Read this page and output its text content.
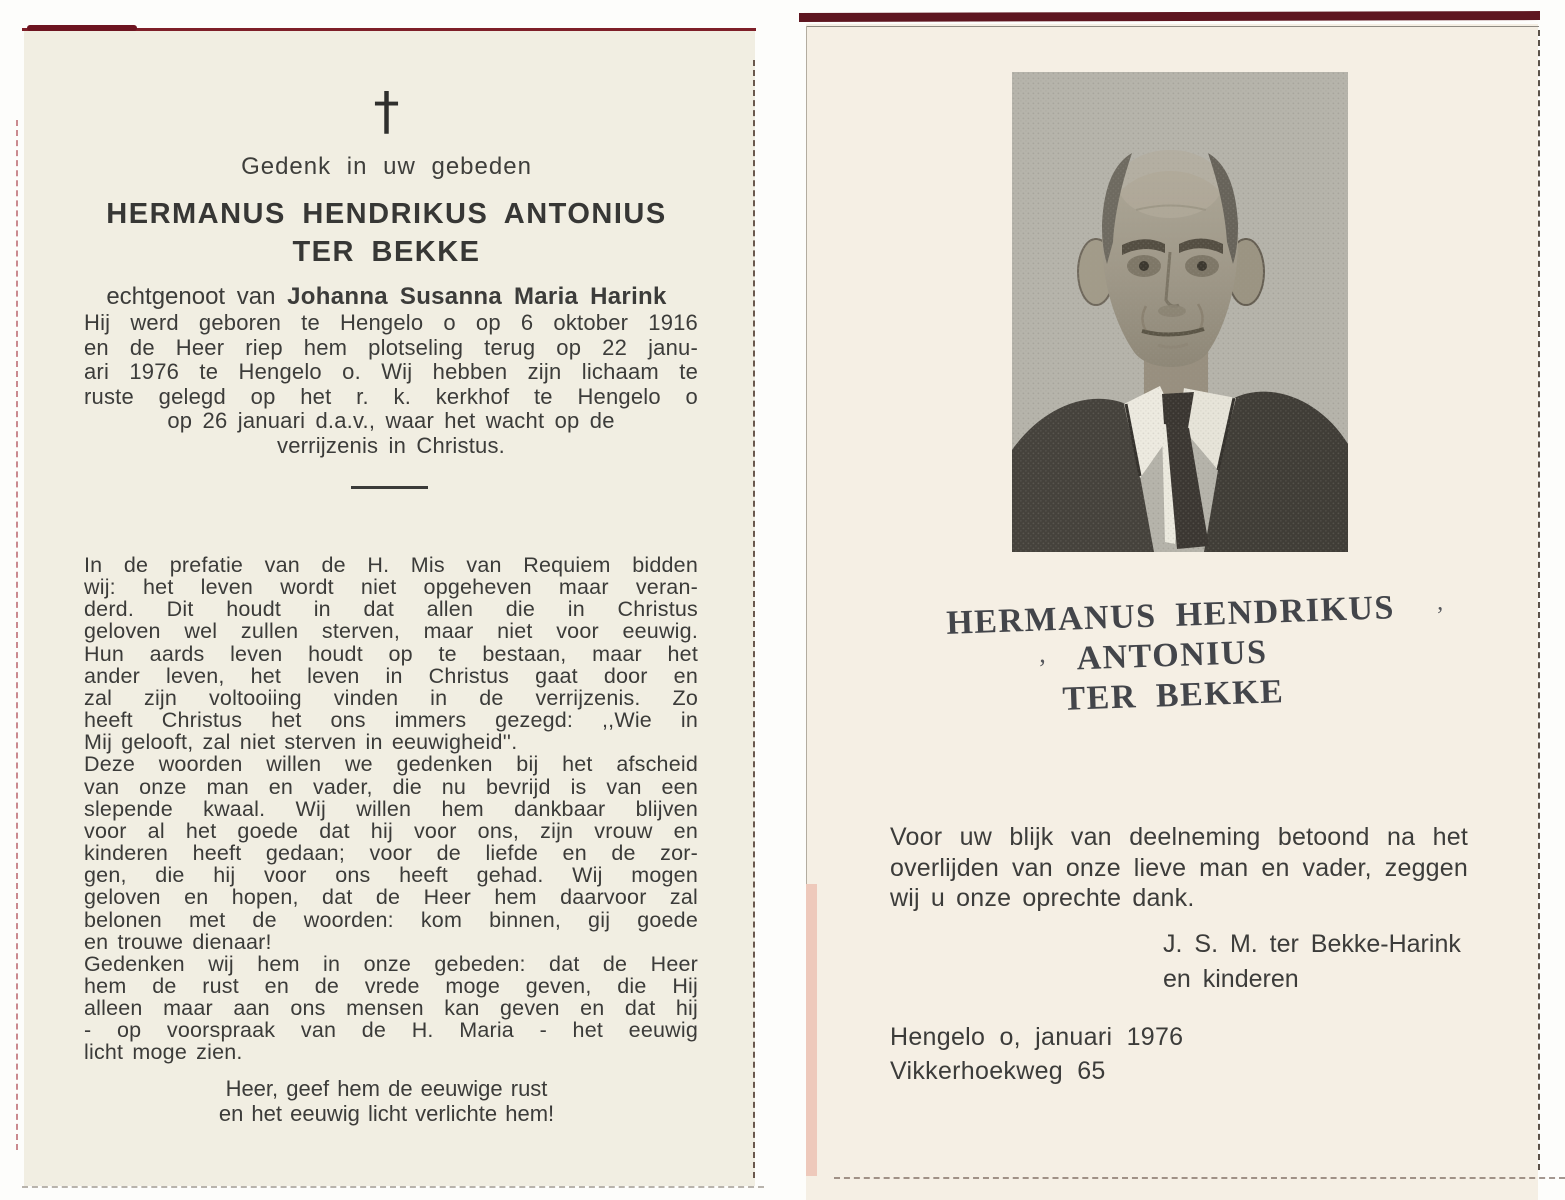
†
Gedenk in uw gebeden
HERMANUS HENDRIKUS ANTONIUS
TER BEKKE
echtgenoot van Johanna Susanna Maria Harink
Hij werd geboren te Hengelo o op 6 oktober 1916
en de Heer riep hem plotseling terug op 22 janu-
ari 1976 te Hengelo o. Wij hebben zijn lichaam te
ruste gelegd op het r. k. kerkhof te Hengelo o
op 26 januari d.a.v., waar het wacht op de
verrijzenis in Christus.
In de prefatie van de H. Mis van Requiem bidden
wij: het leven wordt niet opgeheven maar veran-
derd. Dit houdt in dat allen die in Christus
geloven wel zullen sterven, maar niet voor eeuwig.
Hun aards leven houdt op te bestaan, maar het
ander leven, het leven in Christus gaat door en
zal zijn voltooiing vinden in de verrijzenis. Zo
heeft Christus het ons immers gezegd: ,,Wie in
Mij gelooft, zal niet sterven in eeuwigheid''.
Deze woorden willen we gedenken bij het afscheid
van onze man en vader, die nu bevrijd is van een
slepende kwaal. Wij willen hem dankbaar blijven
voor al het goede dat hij voor ons, zijn vrouw en
kinderen heeft gedaan; voor de liefde en de zor-
gen, die hij voor ons heeft gehad. Wij mogen
geloven en hopen, dat de Heer hem daarvoor zal
belonen met de woorden: kom binnen, gij goede
en trouwe dienaar!
Gedenken wij hem in onze gebeden: dat de Heer
hem de rust en de vrede moge geven, die Hij
alleen maar aan ons mensen kan geven en dat hij
- op voorspraak van de H. Maria - het eeuwig
licht moge zien.
Heer, geef hem de eeuwige rust
en het eeuwig licht verlichte hem!
HERMANUS HENDRIKUS
ANTONIUS
TER BEKKE
’
’
Voor uw blijk van deelneming betoond na het
overlijden van onze lieve man en vader, zeggen
wij u onze oprechte dank.
J. S. M. ter Bekke-Harink
en kinderen
Hengelo o, januari 1976
Vikkerhoekweg 65
